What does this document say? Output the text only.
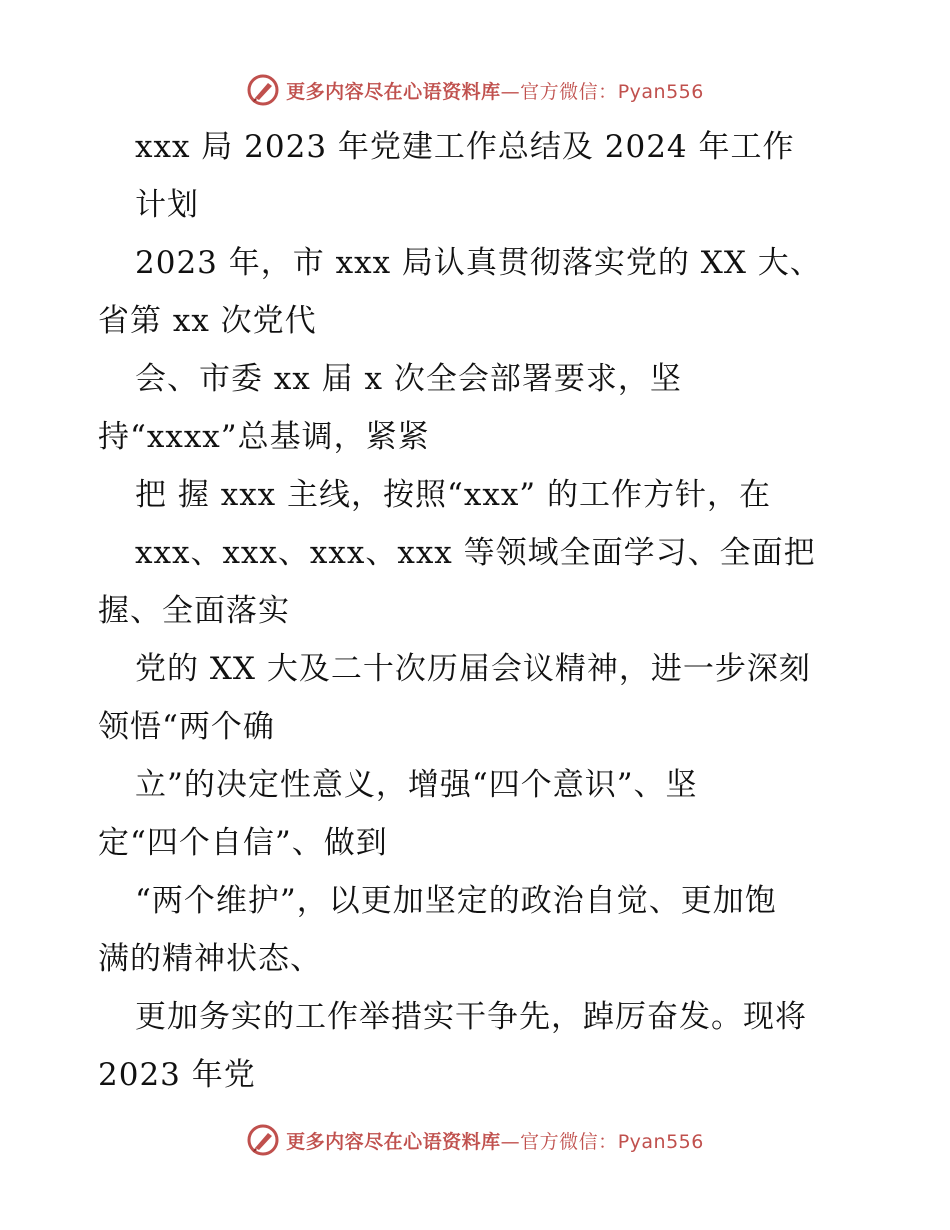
更多内容尽在心语资料库—官方微信：Pyan556
xxx 局 2023 年党建工作总结及 2024 年工作
计划
2023 年，市 xxx 局认真贯彻落实党的 XX 大、
省第 xx 次党代
会、市委 xx 届 x 次全会部署要求，坚
持“xxxx”总基调，紧紧
把 握 xxx 主线，按照“xxx” 的工作方针，在
xxx、xxx、xxx、xxx 等领域全面学习、全面把
握、全面落实
党的 XX 大及二十次历届会议精神，进一步深刻
领悟“两个确
立”的决定性意义，增强“四个意识”、坚
定“四个自信”、做到
“两个维护”，以更加坚定的政治自觉、更加饱
满的精神状态、
更加务实的工作举措实干争先，踔厉奋发。现将
2023 年党
更多内容尽在心语资料库—官方微信：Pyan556
